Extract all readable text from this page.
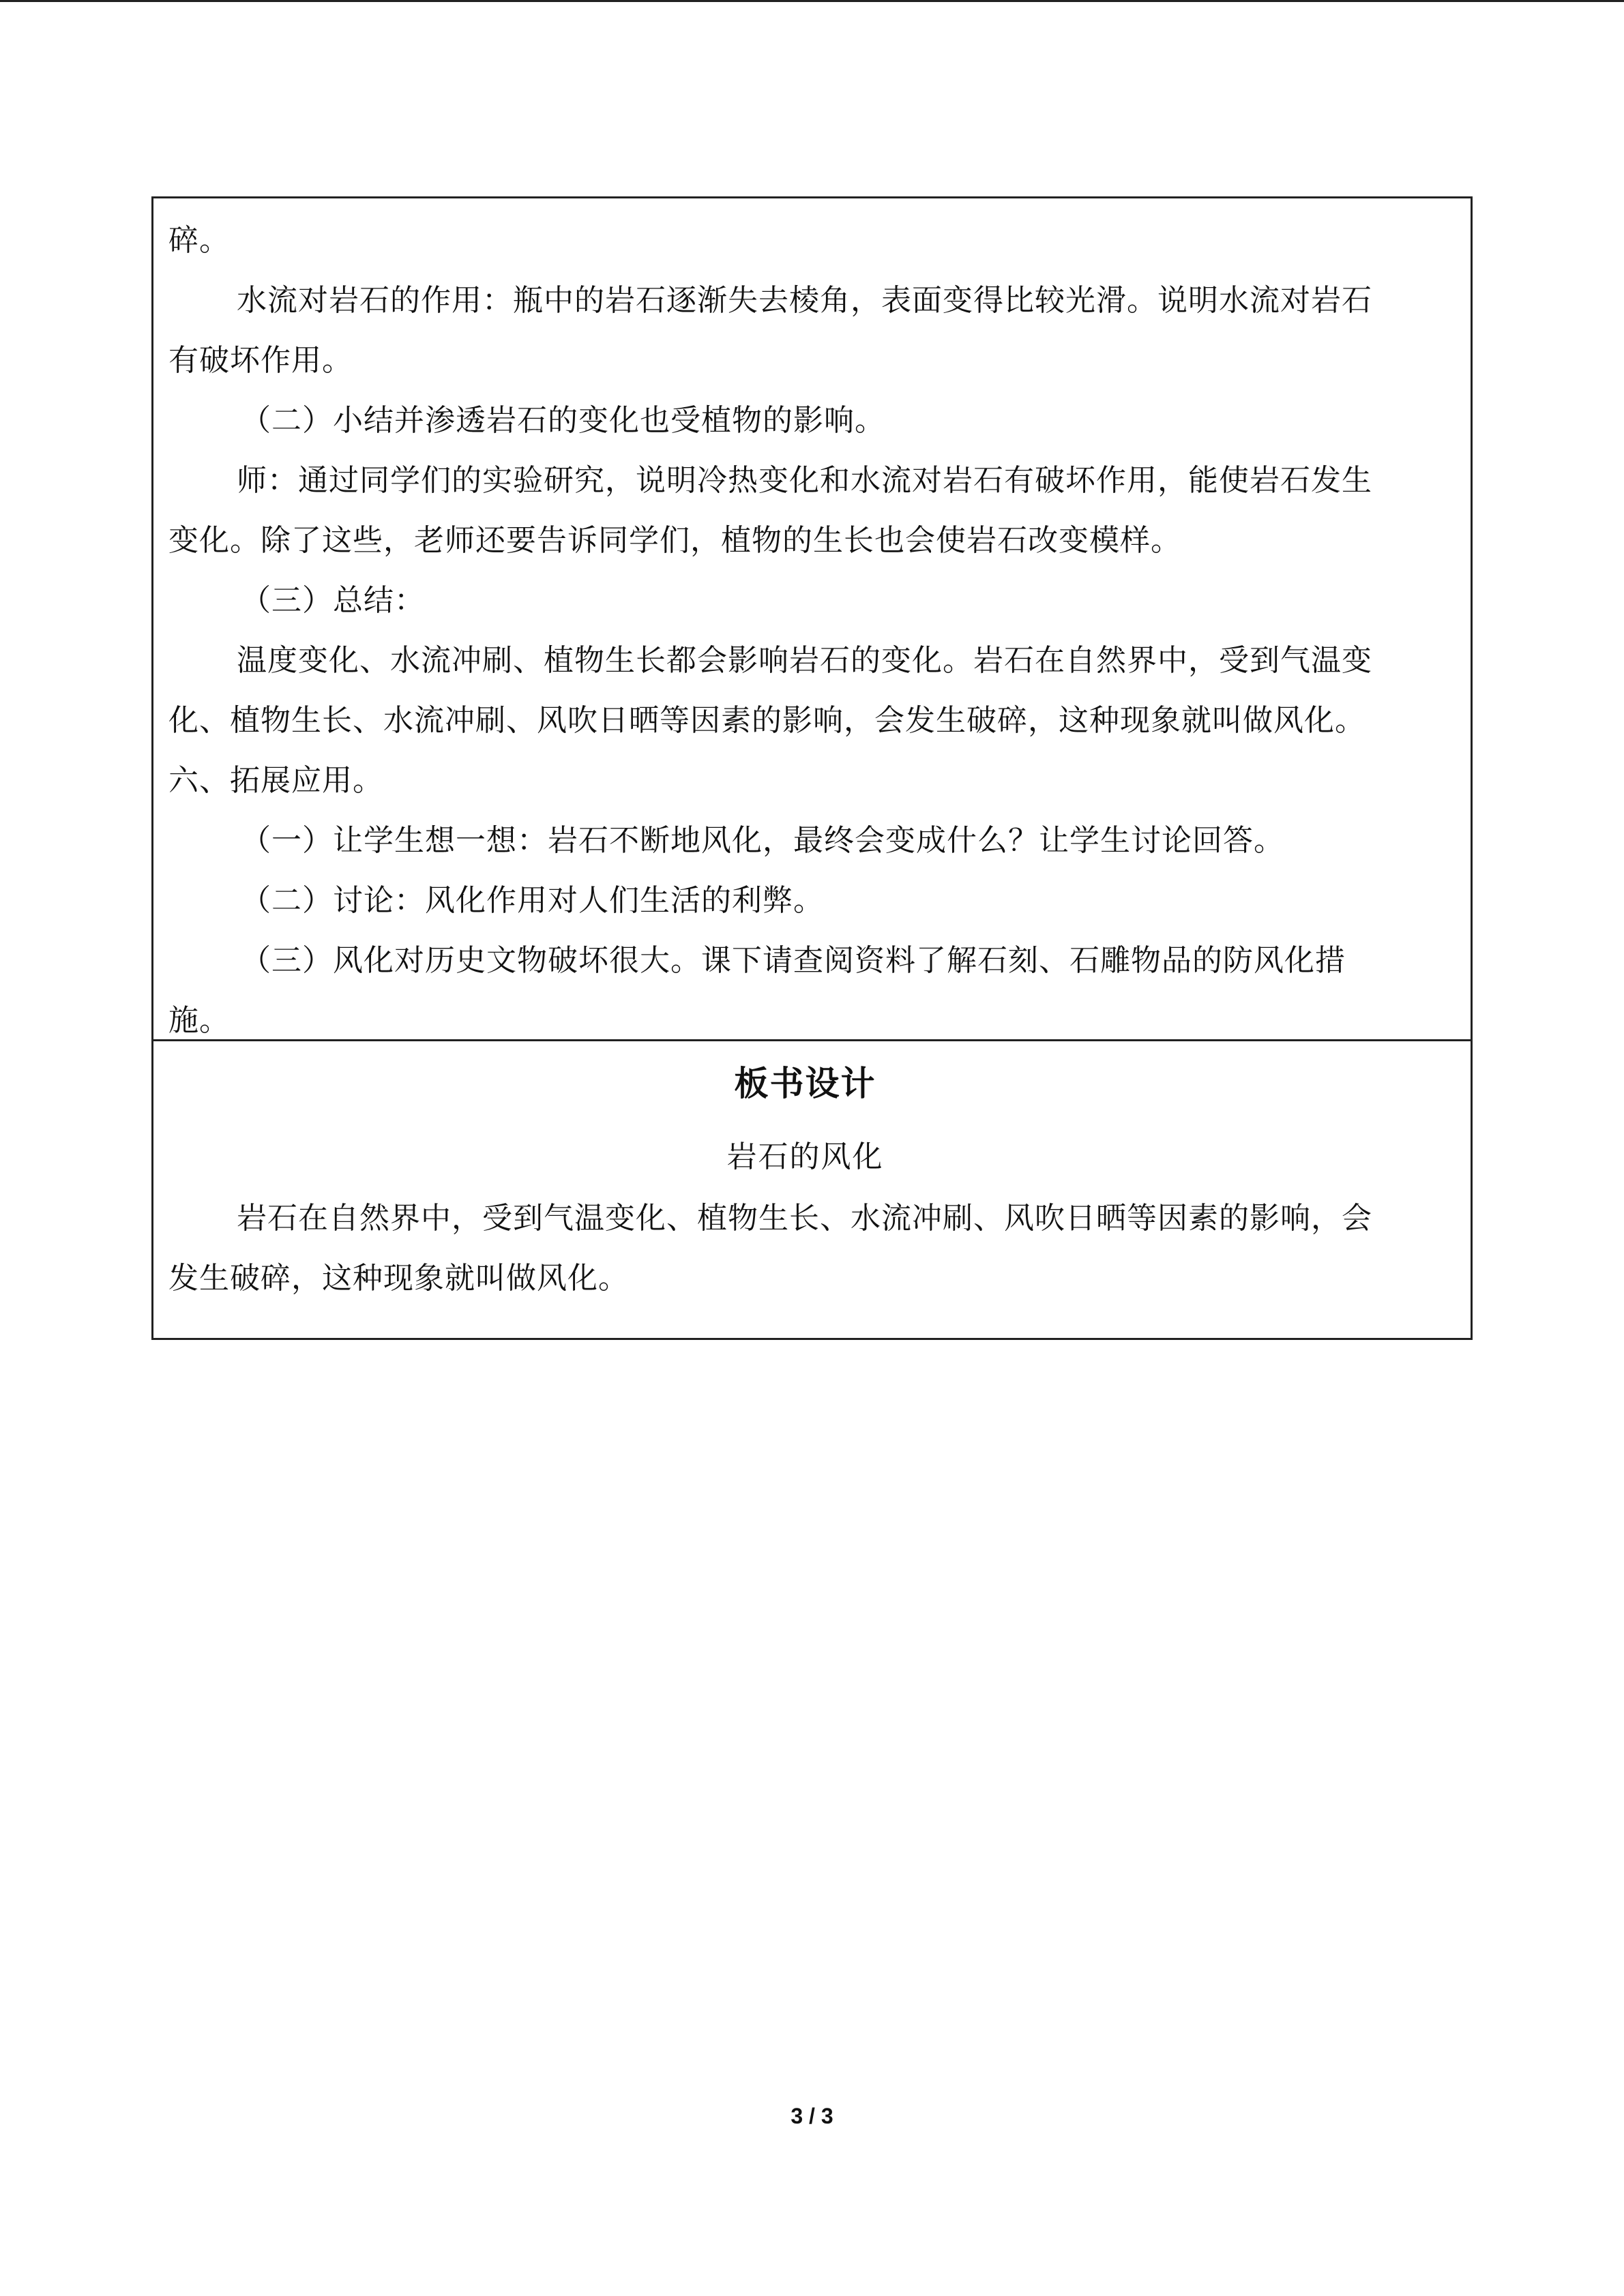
碎。
水流对岩石的作用：瓶中的岩石逐渐失去棱角，表面变得比较光滑。说明水流对岩石
有破坏作用。
（二）小结并渗透岩石的变化也受植物的影响。
师：通过同学们的实验研究，说明冷热变化和水流对岩石有破坏作用，能使岩石发生
变化。除了这些，老师还要告诉同学们，植物的生长也会使岩石改变模样。
（三）总结：
温度变化、水流冲刷、植物生长都会影响岩石的变化。岩石在自然界中，受到气温变
化、植物生长、水流冲刷、风吹日晒等因素的影响，会发生破碎，这种现象就叫做风化。
六、拓展应用。
（一）让学生想一想：岩石不断地风化，最终会变成什么？让学生讨论回答。
（二）讨论：风化作用对人们生活的利弊。
（三）风化对历史文物破坏很大。课下请查阅资料了解石刻、石雕物品的防风化措
施。
板书设计
岩石的风化
岩石在自然界中，受到气温变化、植物生长、水流冲刷、风吹日晒等因素的影响，会
发生破碎，这种现象就叫做风化。
3 / 3
